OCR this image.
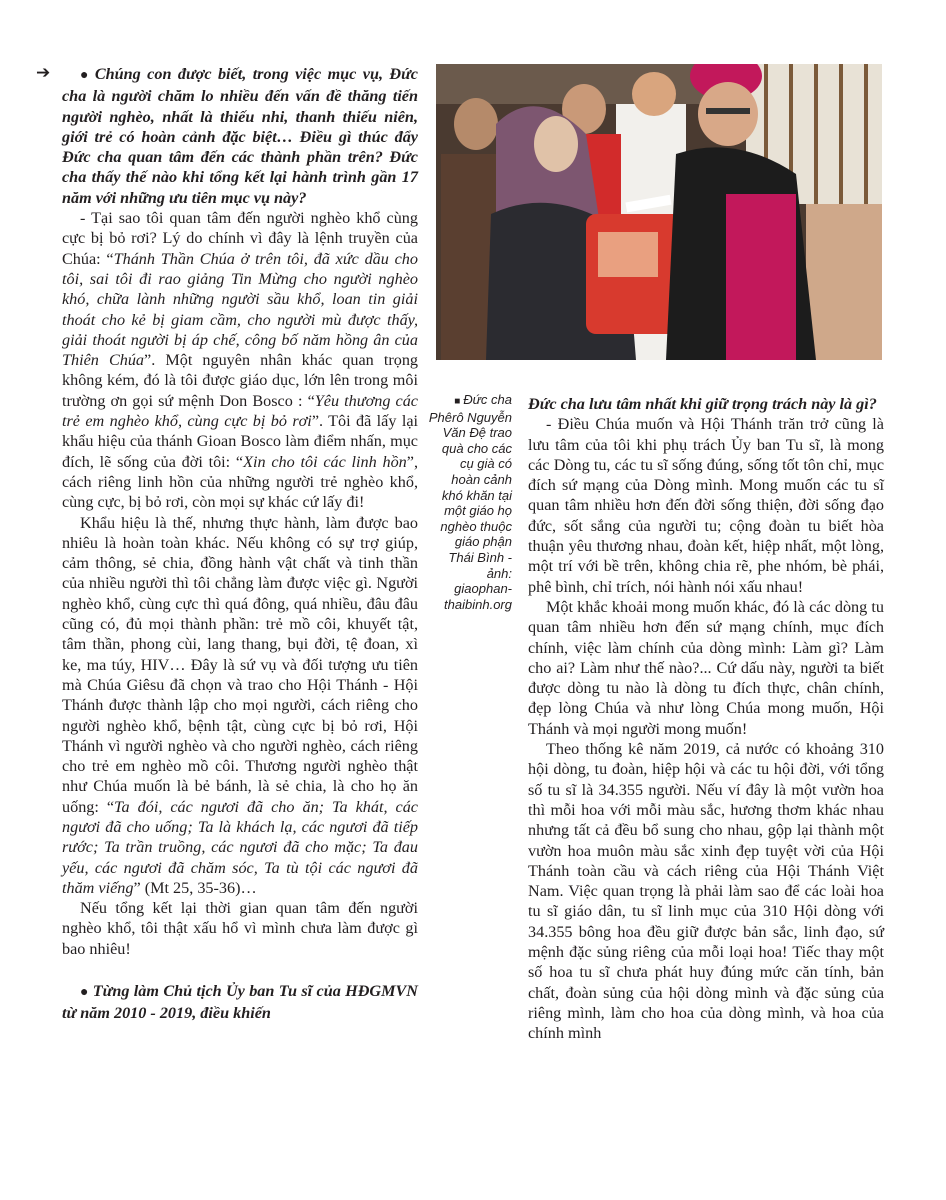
➔	● Chúng con được biết, trong việc mục vụ, Đức cha là người chăm lo nhiều đến vấn đề thăng tiến người nghèo, nhất là thiếu nhi, thanh thiếu niên, giới trẻ có hoàn cảnh đặc biệt… Điều gì thúc đẩy Đức cha quan tâm đến các thành phần trên? Đức cha thấy thế nào khi tổng kết lại hành trình gần 17 năm với những ưu tiên mục vụ này?

- Tại sao tôi quan tâm đến người nghèo khổ cùng cực bị bỏ rơi? Lý do chính vì đây là lệnh truyền của Chúa: “Thánh Thần Chúa ở trên tôi, đã xức dầu cho tôi, sai tôi đi rao giảng Tin Mừng cho người nghèo khó, chữa lành những người sầu khổ, loan tin giải thoát cho kẻ bị giam cầm, cho người mù được thấy, giải thoát người bị áp chế, công bố năm hồng ân của Thiên Chúa”. Một nguyên nhân khác quan trọng không kém, đó là tôi được giáo dục, lớn lên trong môi trường ơn gọi sứ mệnh Don Bosco : “Yêu thương các trẻ em nghèo khổ, cùng cực bị bỏ rơi”. Tôi đã lấy lại khẩu hiệu của thánh Gioan Bosco làm điểm nhấn, mục đích, lẽ sống của đời tôi: “Xin cho tôi các linh hồn”, cách riêng linh hồn của những người trẻ nghèo khổ, cùng cực, bị bỏ rơi, còn mọi sự khác cứ lấy đi!

Khẩu hiệu là thế, nhưng thực hành, làm được bao nhiêu là hoàn toàn khác. Nếu không có sự trợ giúp, cảm thông, sẻ chia, đồng hành vật chất và tinh thần của nhiều người thì tôi chẳng làm được việc gì. Người nghèo khổ, cùng cực thì quá đông, quá nhiều, đâu đâu cũng có, đủ mọi thành phần: trẻ mồ côi, khuyết tật, tâm thần, phong cùi, lang thang, bụi đời, tệ đoan, xì ke, ma túy, HIV… Đây là sứ vụ và đối tượng ưu tiên mà Chúa Giêsu đã chọn và trao cho Hội Thánh - Hội Thánh được thành lập cho mọi người, cách riêng cho người nghèo khổ, bệnh tật, cùng cực bị bỏ rơi, Hội Thánh vì người nghèo và cho người nghèo, cách riêng cho trẻ em nghèo mồ côi. Thương người nghèo thật như Chúa muốn là bẻ bánh, là sẻ chia, là cho họ ăn uống: “Ta đói, các ngươi đã cho ăn; Ta khát, các ngươi đã cho uống; Ta là khách lạ, các ngươi đã tiếp rước; Ta trần truồng, các ngươi đã cho mặc; Ta đau yếu, các ngươi đã chăm sóc, Ta tù tội các ngươi đã thăm viếng” (Mt 25, 35-36)…

Nếu tổng kết lại thời gian quan tâm đến người nghèo khổ, tôi thật xấu hổ vì mình chưa làm được gì bao nhiêu!

● Từng làm Chủ tịch Ủy ban Tu sĩ của HĐGMVN từ năm 2010 - 2019, điều khiến

■ Đức cha Phêrô Nguyễn Văn Đệ trao quà cho các cụ già có hoàn cảnh khó khăn tại một giáo họ nghèo thuộc giáo phận Thái Bình - ảnh: giaophan-thaibinh.org

Đức cha lưu tâm nhất khi giữ trọng trách này là gì?

- Điều Chúa muốn và Hội Thánh trăn trở cũng là lưu tâm của tôi khi phụ trách Ủy ban Tu sĩ, là mong các Dòng tu, các tu sĩ sống đúng, sống tốt tôn chỉ, mục đích sứ mạng của Dòng mình. Mong muốn các tu sĩ quan tâm nhiều hơn đến đời sống thiện, đời sống đạo đức, sốt sắng của người tu; cộng đoàn tu biết hòa thuận yêu thương nhau, đoàn kết, hiệp nhất, một lòng, một trí với bề trên, không chia rẽ, phe nhóm, bè phái, phê bình, chỉ trích, nói hành nói xấu nhau!

Một khắc khoải mong muốn khác, đó là các dòng tu quan tâm nhiều hơn đến sứ mạng chính, mục đích chính, việc làm chính của dòng mình: Làm gì? Làm cho ai? Làm như thế nào?... Cứ dấu này, người ta biết được dòng tu nào là dòng tu đích thực, chân chính, đẹp lòng Chúa và như lòng Chúa mong muốn, Hội Thánh và mọi người mong muốn!

Theo thống kê năm 2019, cả nước có khoảng 310 hội dòng, tu đoàn, hiệp hội và các tu hội đời, với tổng số tu sĩ là 34.355 người. Nếu ví đây là một vườn hoa thì mỗi hoa với mỗi màu sắc, hương thơm khác nhau nhưng tất cả đều bổ sung cho nhau, gộp lại thành một vườn hoa muôn màu sắc xinh đẹp tuyệt vời của Hội Thánh toàn cầu và cách riêng của Hội Thánh Việt Nam. Việc quan trọng là phải làm sao để các loài hoa tu sĩ giáo dân, tu sĩ linh mục của 310 Hội dòng với 34.355 bông hoa đều giữ được bản sắc, linh đạo, sứ mệnh đặc sủng riêng của mỗi loại hoa! Tiếc thay một số hoa tu sĩ chưa phát huy đúng mức căn tính, bản chất, đoàn sủng của hội dòng mình và đặc sủng của riêng mình, làm cho hoa của dòng mình, và hoa của chính mình
